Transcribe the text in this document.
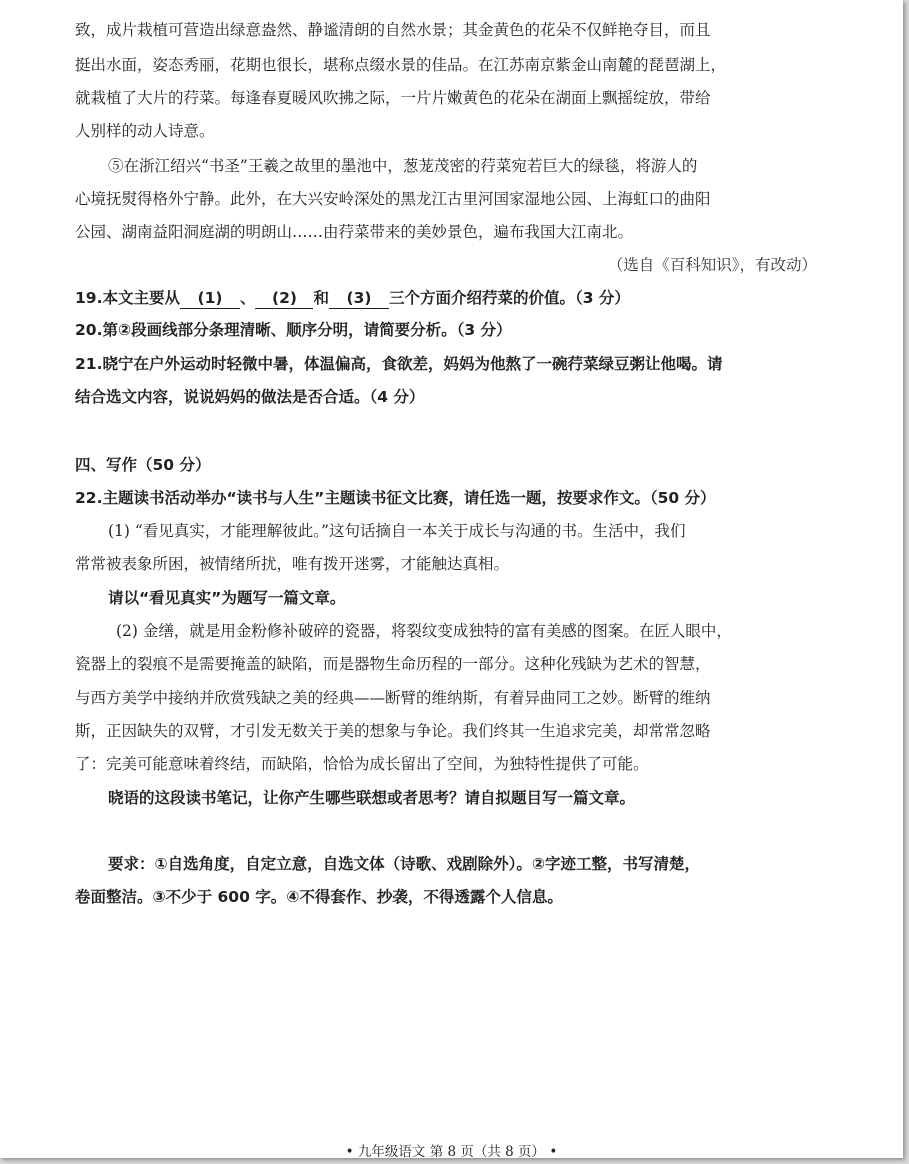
致，成片栽植可营造出绿意盎然、静谧清朗的自然水景；其金黄色的花朵不仅鲜艳夺目，而且
挺出水面，姿态秀丽，花期也很长，堪称点缀水景的佳品。在江苏南京紫金山南麓的琵琶湖上，
就栽植了大片的荇菜。每逢春夏暖风吹拂之际，一片片嫩黄色的花朵在湖面上飘摇绽放，带给
人别样的动人诗意。
⑤在浙江绍兴“书圣”王羲之故里的墨池中，葱茏茂密的荇菜宛若巨大的绿毯，将游人的
心境抚熨得格外宁静。此外，在大兴安岭深处的黑龙江古里河国家湿地公园、上海虹口的曲阳
公园、湖南益阳洞庭湖的明朗山……由荇菜带来的美妙景色，遍布我国大江南北。
（选自《百科知识》，有改动）
19.本文主要从 (1) 、 (2) 和 (3) 三个方面介绍荇菜的价值。（3 分）
20.第②段画线部分条理清晰、顺序分明，请简要分析。（3 分）
21.晓宁在户外运动时轻微中暑，体温偏高，食欲差，妈妈为他熬了一碗荇菜绿豆粥让他喝。请
结合选文内容，说说妈妈的做法是否合适。（4 分）
四、写作（50 分）
22.主题读书活动举办“读书与人生”主题读书征文比赛，请任选一题，按要求作文。（50 分）
(1) “看见真实，才能理解彼此。”这句话摘自一本关于成长与沟通的书。生活中，我们
常常被表象所困，被情绪所扰，唯有拨开迷雾，才能触达真相。
请以“看见真实”为题写一篇文章。
(2) 金缮，就是用金粉修补破碎的瓷器，将裂纹变成独特的富有美感的图案。在匠人眼中，
瓷器上的裂痕不是需要掩盖的缺陷，而是器物生命历程的一部分。这种化残缺为艺术的智慧，
与西方美学中接纳并欣赏残缺之美的经典——断臂的维纳斯，有着异曲同工之妙。断臂的维纳
斯，正因缺失的双臂，才引发无数关于美的想象与争论。我们终其一生追求完美，却常常忽略
了：完美可能意味着终结，而缺陷，恰恰为成长留出了空间，为独特性提供了可能。
晓语的这段读书笔记，让你产生哪些联想或者思考？请自拟题目写一篇文章。
要求：①自选角度，自定立意，自选文体（诗歌、戏剧除外）。②字迹工整，书写清楚，
卷面整洁。③不少于 600 字。④不得套作、抄袭，不得透露个人信息。
• 九年级语文 第 8 页（共 8 页） •
